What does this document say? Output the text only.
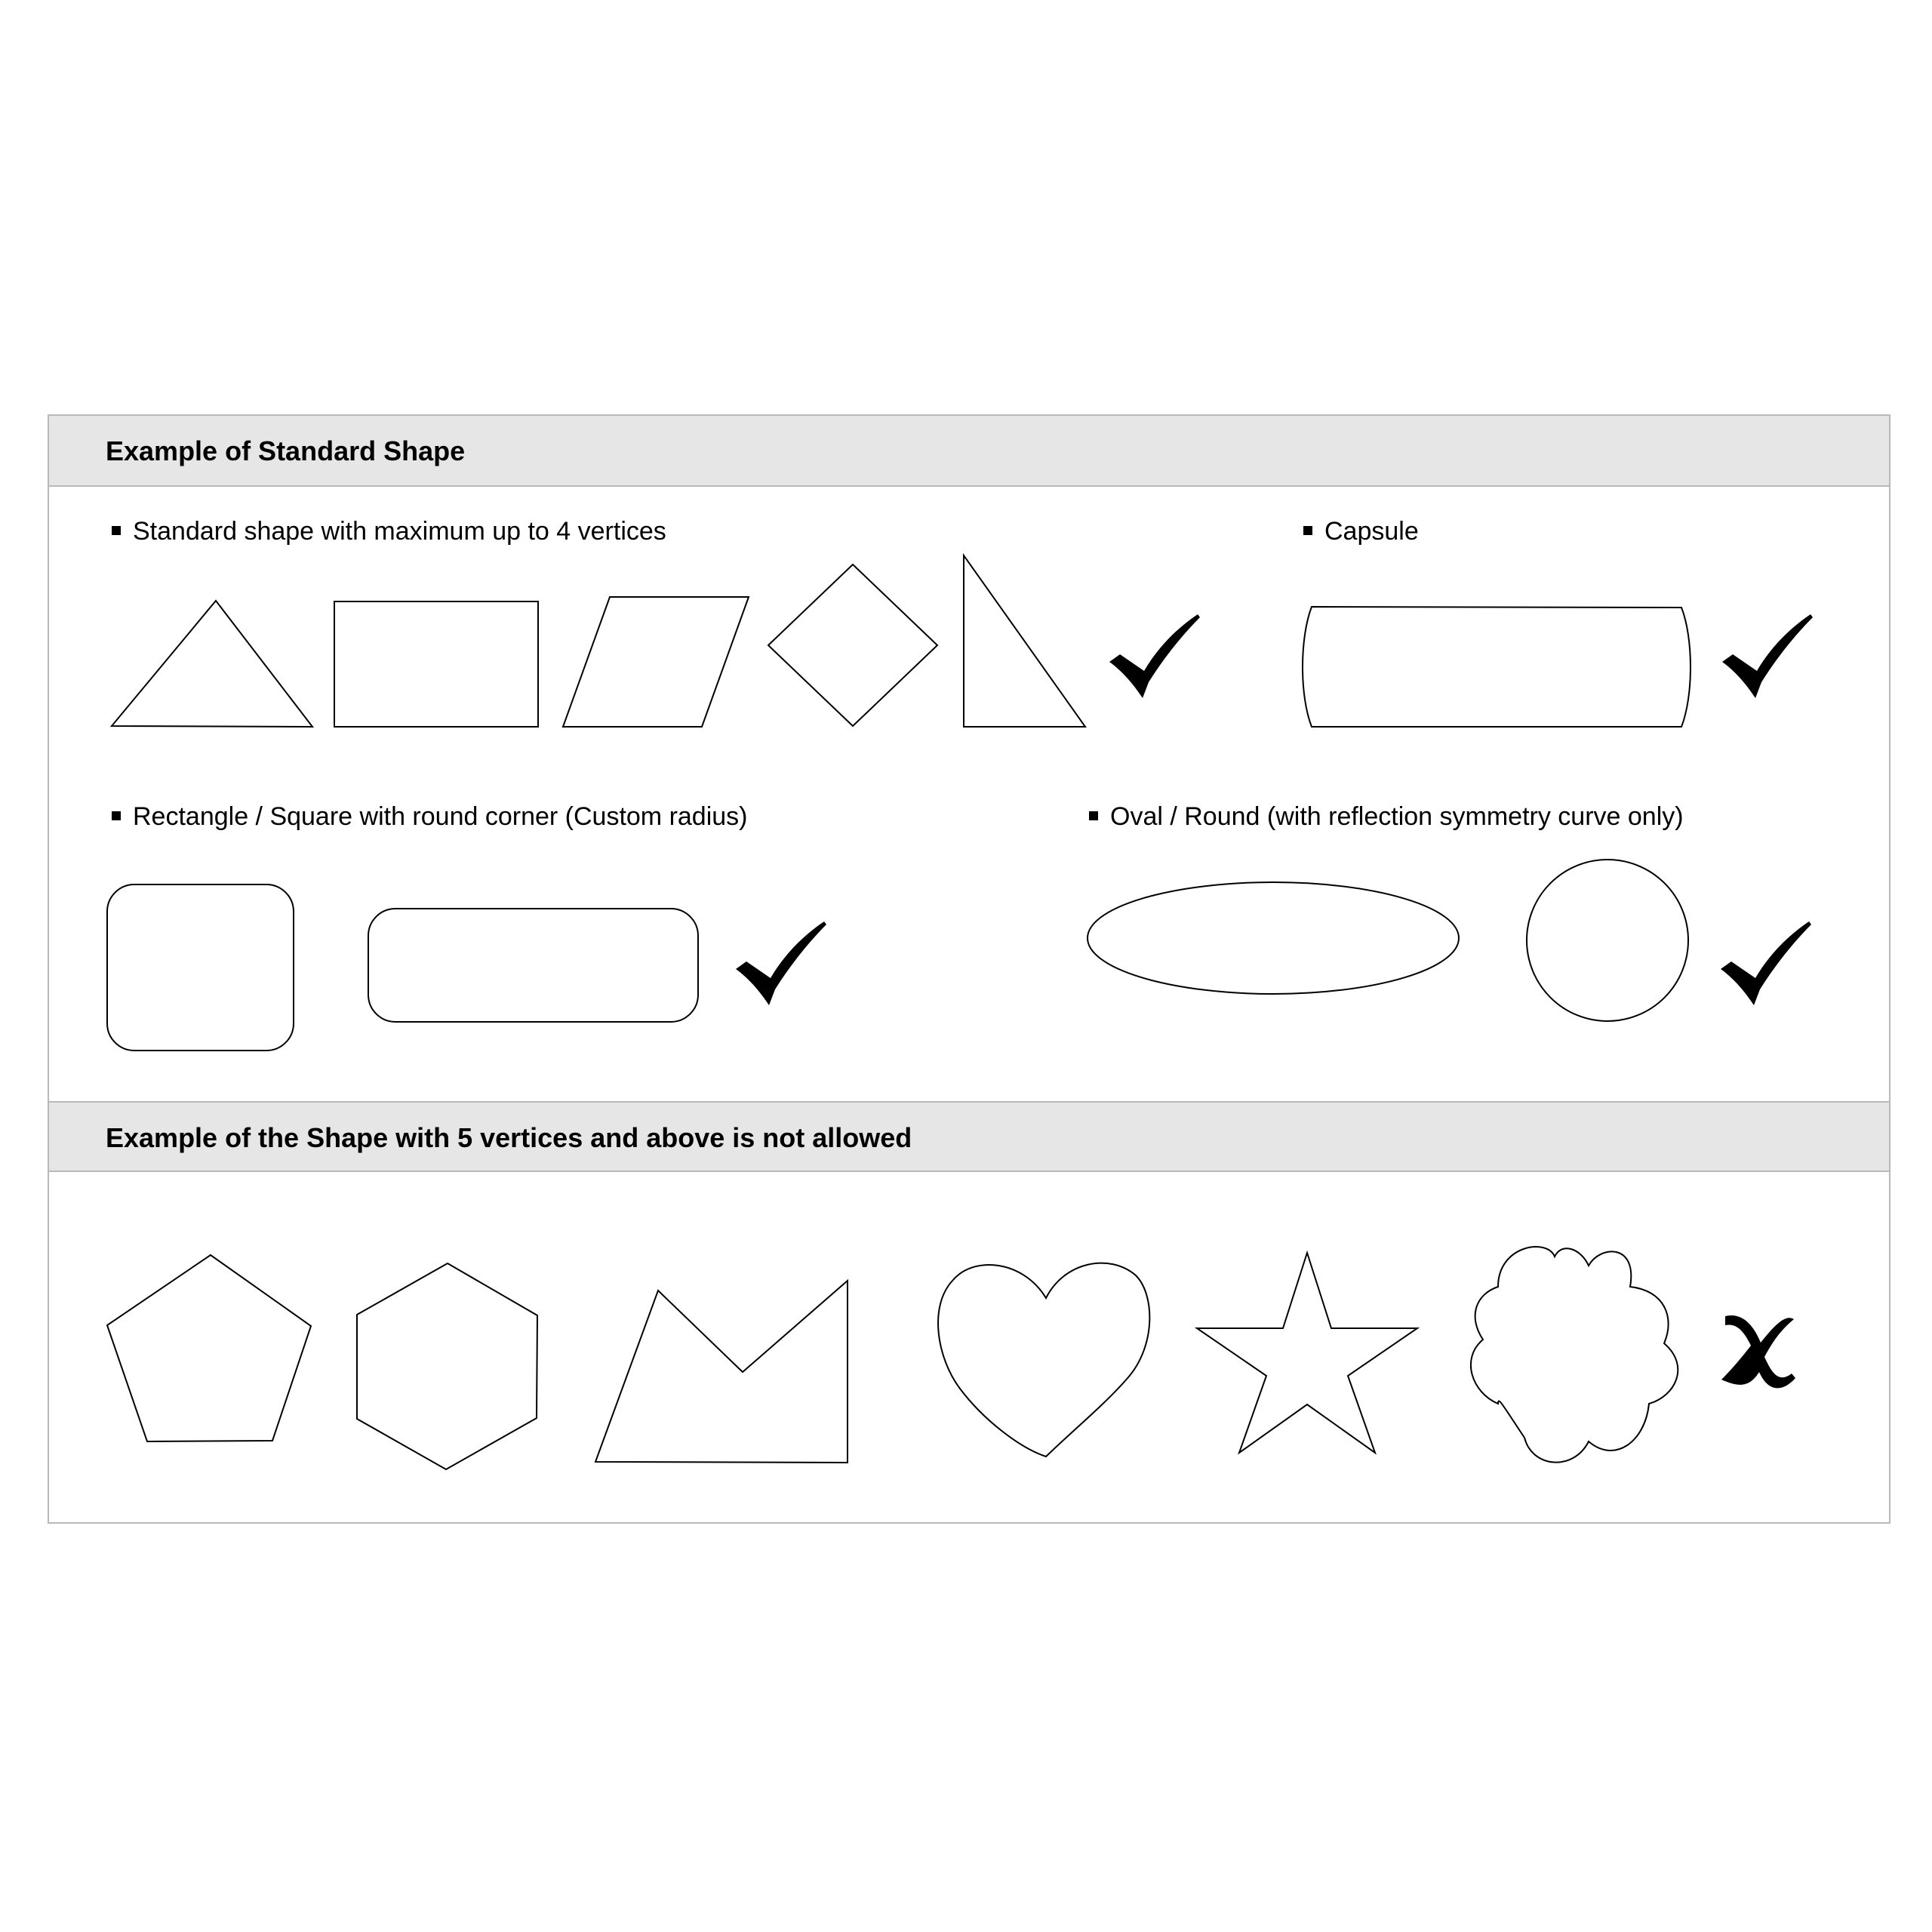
Example of Standard Shape
Example of the Shape with 5 vertices and above is not allowed
Standard shape with maximum up to 4 vertices	Capsule
Rectangle / Square with round corner (Custom radius)	Oval / Round (with reflection symmetry curve only)
